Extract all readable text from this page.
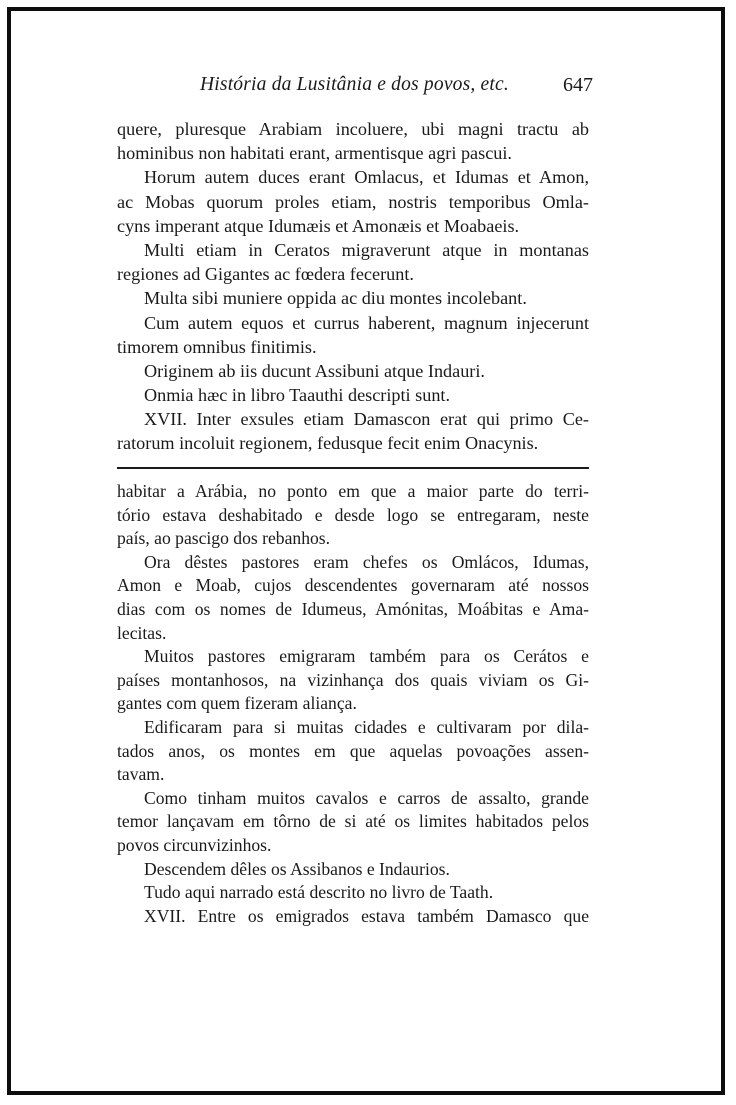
História da Lusitânia e dos povos, etc.	647
quere, pluresque Arabiam incoluere, ubi magni tractu ab
hominibus non habitati erant, armentisque agri pascui.
Horum autem duces erant Omlacus, et Idumas et Amon,
ac Mobas quorum proles etiam, nostris temporibus Omla-
cyns imperant atque Idumæis et Amonæis et Moabaeis.
Multi etiam in Ceratos migraverunt atque in montanas
regiones ad Gigantes ac fœdera fecerunt.
Multa sibi muniere oppida ac diu montes incolebant.
Cum autem equos et currus haberent, magnum injecerunt
timorem omnibus finitimis.
Originem ab iis ducunt Assibuni atque Indauri.
Onmia hæc in libro Taauthi descripti sunt.
XVII. Inter exsules etiam Damascon erat qui primo Ce-
ratorum incoluit regionem, fedusque fecit enim Onacynis.
habitar a Arábia, no ponto em que a maior parte do terri-
tório estava deshabitado e desde logo se entregaram, neste
país, ao pascigo dos rebanhos.
Ora dêstes pastores eram chefes os Omlácos, Idumas,
Amon e Moab, cujos descendentes governaram até nossos
dias com os nomes de Idumeus, Amónitas, Moábitas e Ama-
lecitas.
Muitos pastores emigraram também para os Cerátos e
países montanhosos, na vizinhança dos quais viviam os Gi-
gantes com quem fizeram aliança.
Edificaram para si muitas cidades e cultivaram por dila-
tados anos, os montes em que aquelas povoações assen-
tavam.
Como tinham muitos cavalos e carros de assalto, grande
temor lançavam em tôrno de si até os limites habitados pelos
povos circunvizinhos.
Descendem dêles os Assibanos e Indaurios.
Tudo aqui narrado está descrito no livro de Taath.
XVII. Entre os emigrados estava também Damasco que
